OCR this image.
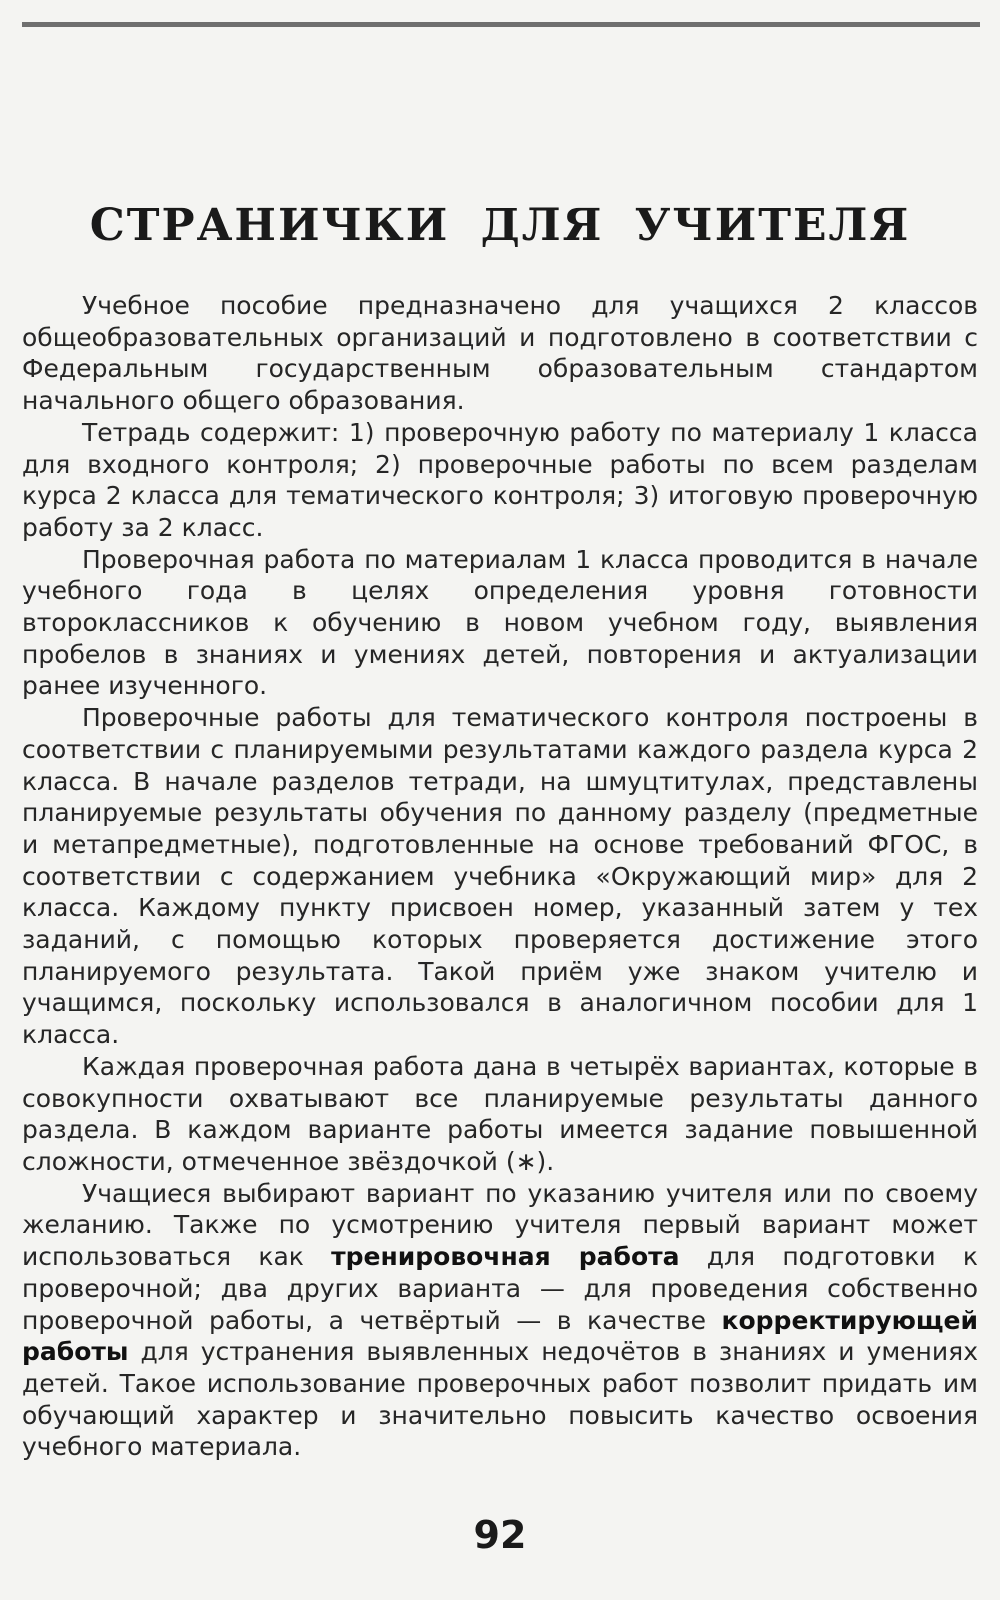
СТРАНИЧКИ ДЛЯ УЧИТЕЛЯ

Учебное пособие предназначено для учащихся 2 классов общеобразовательных организаций и подготовлено в соответствии с Федеральным государственным образовательным стандартом начального общего образования.

Тетрадь содержит: 1) проверочную работу по материалу 1 класса для входного контроля; 2) проверочные работы по всем разделам курса 2 класса для тематического контроля; 3) итоговую проверочную работу за 2 класс.

Проверочная работа по материалам 1 класса проводится в начале учебного года в целях определения уровня готовности второклассников к обучению в новом учебном году, выявления пробелов в знаниях и умениях детей, повторения и актуализации ранее изученного.

Проверочные работы для тематического контроля построены в соответствии с планируемыми результатами каждого раздела курса 2 класса. В начале разделов тетради, на шмуцтитулах, представлены планируемые результаты обучения по данному разделу (предметные и метапредметные), подготовленные на основе требований ФГОС, в соответствии с содержанием учебника «Окружающий мир» для 2 класса. Каждому пункту присвоен номер, указанный затем у тех заданий, с помощью которых проверяется достижение этого планируемого результата. Такой приём уже знаком учителю и учащимся, поскольку использовался в аналогичном пособии для 1 класса.

Каждая проверочная работа дана в четырёх вариантах, которые в совокупности охватывают все планируемые результаты данного раздела. В каждом варианте работы имеется задание повышенной сложности, отмеченное звёздочкой (∗).

Учащиеся выбирают вариант по указанию учителя или по своему желанию. Также по усмотрению учителя первый вариант может использоваться как тренировочная работа для подготовки к проверочной; два других варианта — для проведения собственно проверочной работы, а четвёртый — в качестве корректирующей работы для устранения выявленных недочётов в знаниях и умениях детей. Такое использование проверочных работ позволит придать им обучающий характер и значительно повысить качество освоения учебного материала.

92
